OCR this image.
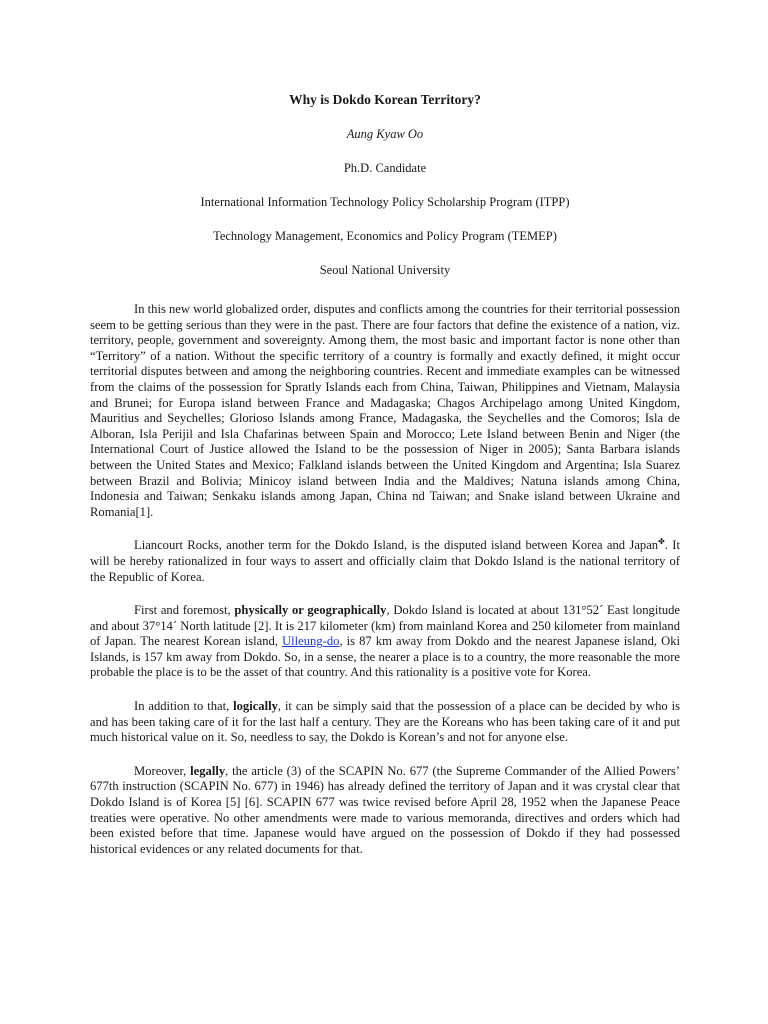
Why is Dokdo Korean Territory?

Aung Kyaw Oo

Ph.D. Candidate

International Information Technology Policy Scholarship Program (ITPP)

Technology Management, Economics and Policy Program (TEMEP)

Seoul National University

In this new world globalized order, disputes and conflicts among the countries for their territorial possession seem to be getting serious than they were in the past. There are four factors that define the existence of a nation, viz. territory, people, government and sovereignty. Among them, the most basic and important factor is none other than “Territory” of a nation. Without the specific territory of a country is formally and exactly defined, it might occur territorial disputes between and among the neighboring countries. Recent and immediate examples can be witnessed from the claims of the possession for Spratly Islands each from China, Taiwan, Philippines and Vietnam, Malaysia and Brunei; for Europa island between France and Madagaska; Chagos Archipelago among United Kingdom, Mauritius and Seychelles; Glorioso Islands among France, Madagaska, the Seychelles and the Comoros; Isla de Alboran, Isla Perijil and Isla Chafarinas between Spain and Morocco; Lete Island between Benin and Niger (the International Court of Justice allowed the Island to be the possession of Niger in 2005); Santa Barbara islands between the United States and Mexico; Falkland islands between the United Kingdom and Argentina; Isla Suarez between Brazil and Bolivia; Minicoy island between India and the Maldives; Natuna islands among China, Indonesia and Taiwan; Senkaku islands among Japan, China nd Taiwan; and Snake island between Ukraine and Romania[1].

Liancourt Rocks, another term for the Dokdo Island, is the disputed island between Korea and Japan✤. It will be hereby rationalized in four ways to assert and officially claim that Dokdo Island is the national territory of the Republic of Korea.

First and foremost, physically or geographically, Dokdo Island is located at about 131°52´ East longitude and about 37°14´ North latitude [2]. It is 217 kilometer (km) from mainland Korea and 250 kilometer from mainland of Japan. The nearest Korean island, Ulleung-do, is 87 km away from Dokdo and the nearest Japanese island, Oki Islands, is 157 km away from Dokdo. So, in a sense, the nearer a place is to a country, the more reasonable the more probable the place is to be the asset of that country. And this rationality is a positive vote for Korea.

In addition to that, logically, it can be simply said that the possession of a place can be decided by who is and has been taking care of it for the last half a century. They are the Koreans who has been taking care of it and put much historical value on it. So, needless to say, the Dokdo is Korean’s and not for anyone else.

Moreover, legally, the article (3) of the SCAPIN No. 677 (the Supreme Commander of the Allied Powers’ 677th instruction (SCAPIN No. 677) in 1946) has already defined the territory of Japan and it was crystal clear that Dokdo Island is of Korea [5] [6]. SCAPIN 677 was twice revised before April 28, 1952 when the Japanese Peace treaties were operative. No other amendments were made to various memoranda, directives and orders which had been existed before that time. Japanese would have argued on the possession of Dokdo if they had possessed historical evidences or any related documents for that.
